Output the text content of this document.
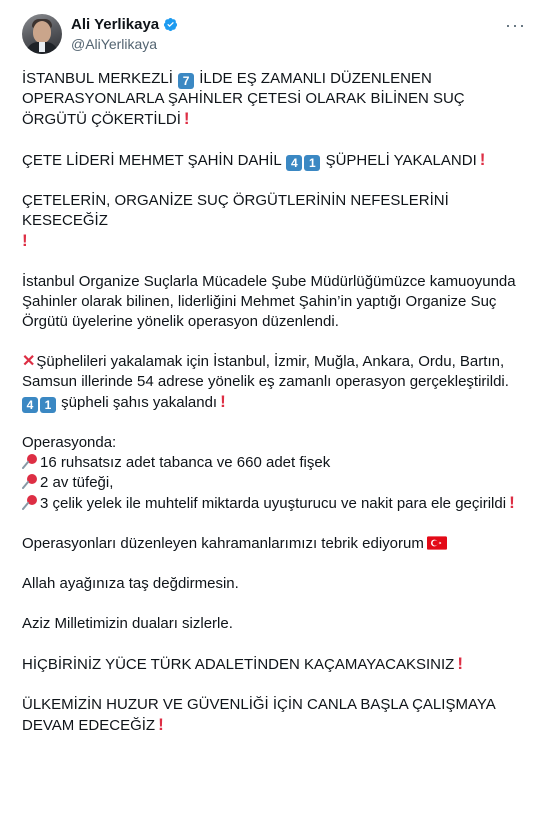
Ali Yerlikaya
@AliYerlikaya
···

İSTANBUL MERKEZLİ 7 İLDE EŞ ZAMANLI DÜZENLENEN OPERASYONLARLA ŞAHİNLER ÇETESİ OLARAK BİLİNEN SUÇ ÖRGÜTÜ ÇÖKERTİLDİ !

ÇETE LİDERİ MEHMET ŞAHİN DAHİL 4 1 ŞÜPHELİ YAKALANDI !

ÇETELERİN, ORGANİZE SUÇ ÖRGÜTLERİNİN NEFESLERİNİ KESECEĞİZ
!

İstanbul Organize Suçlarla Mücadele Şube Müdürlüğümüzce kamuoyunda Şahinler olarak bilinen, liderliğini Mehmet Şahin’in yaptığı Organize Suç Örgütü üyelerine yönelik operasyon düzenlendi.

✕Şüphelileri yakalamak için İstanbul, İzmir, Muğla, Ankara, Ordu, Bartın, Samsun illerinde 54 adrese yönelik eş zamanlı operasyon gerçekleştirildi.
4 1 şüpheli şahıs yakalandı !

Operasyonda:
16 ruhsatsız adet tabanca ve 660 adet fişek
2 av tüfeği,
3 çelik yelek ile muhtelif miktarda uyuşturucu ve nakit para ele geçirildi !

Operasyonları düzenleyen kahramanlarımızı tebrik ediyorum

Allah ayağınıza taş değdirmesin.

Aziz Milletimizin duaları sizlerle.

HİÇBİRİNİZ YÜCE TÜRK ADALETİNDEN KAÇAMAYACAKSINIZ !

ÜLKEMİZİN HUZUR VE GÜVENLİĞİ İÇİN CANLA BAŞLA ÇALIŞMAYA DEVAM EDECEĞİZ !
